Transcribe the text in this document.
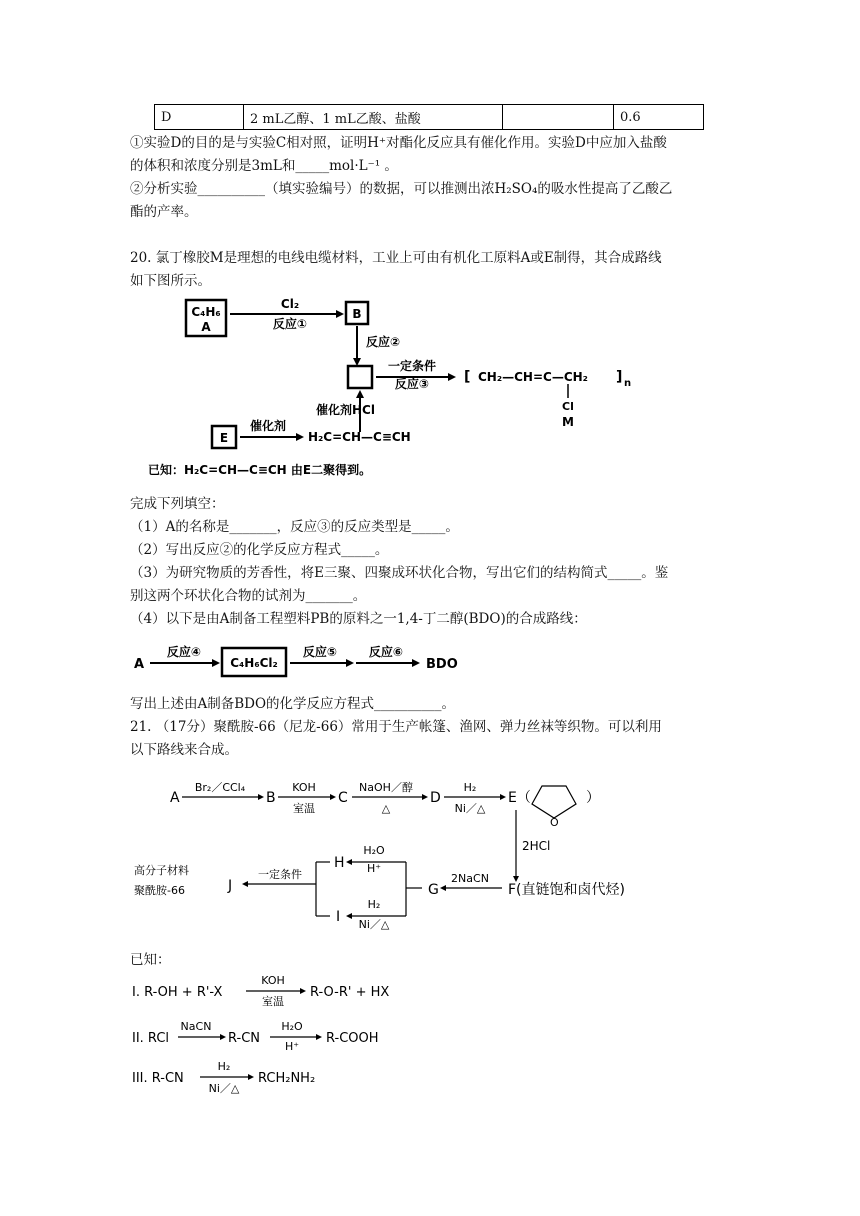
D	2 mL乙醇、1 mL乙酸、盐酸		0.6
①实验D的目的是与实验C相对照，证明H⁺对酯化反应具有催化作用。实验D中应加入盐酸
的体积和浓度分别是3mL和_____mol·L⁻¹ 。
②分析实验__________（填实验编号）的数据，可以推测出浓H₂SO₄的吸水性提高了乙酸乙
酯的产率。
20. 氯丁橡胶M是理想的电线电缆材料，工业上可由有机化工原料A或E制得，其合成路线
如下图所示。
C₄H₆
A
Cl₂
反应①
B
反应②
一定条件
反应③ [ CH₂—CH=C—CH₂ ] n
Cl
M
催化剂HCl
E
催化剂
H₂C=CH—C≡CH
已知：H₂C=CH—C≡CH 由E二聚得到。
完成下列填空：
（1）A的名称是_______，反应③的反应类型是_____。
（2）写出反应②的化学反应方程式_____。
（3）为研究物质的芳香性，将E三聚、四聚成环状化合物，写出它们的结构简式_____。鉴
别这两个环状化合物的试剂为_______。
（4）以下是由A制备工程塑料PB的原料之一1,4-丁二醇(BDO)的合成路线：
A
反应④
C₄H₆Cl₂
反应⑤	反应⑥
BDO
写出上述由A制备BDO的化学反应方程式__________。
21. （17分）聚酰胺-66（尼龙-66）常用于生产帐篷、渔网、弹力丝袜等织物。可以利用
以下路线来合成。
A
Br₂／CCl₄
B
KOH
室温
C
NaOH／醇
△
D
H₂
Ni／△
E（
O
）
2HCl
F(直链饱和卤代烃)
2NaCN
G
H₂O
H⁺
H₂
Ni／△
H
I
一定条件
J
高分子材料
聚酰胺-66
已知：
I. R-OH + R'-X
KOH
室温
R-O-R' + HX
II. RCl
NaCN
R-CN
H₂O
H⁺
R-COOH
III. R-CN
H₂
Ni／△
RCH₂NH₂
